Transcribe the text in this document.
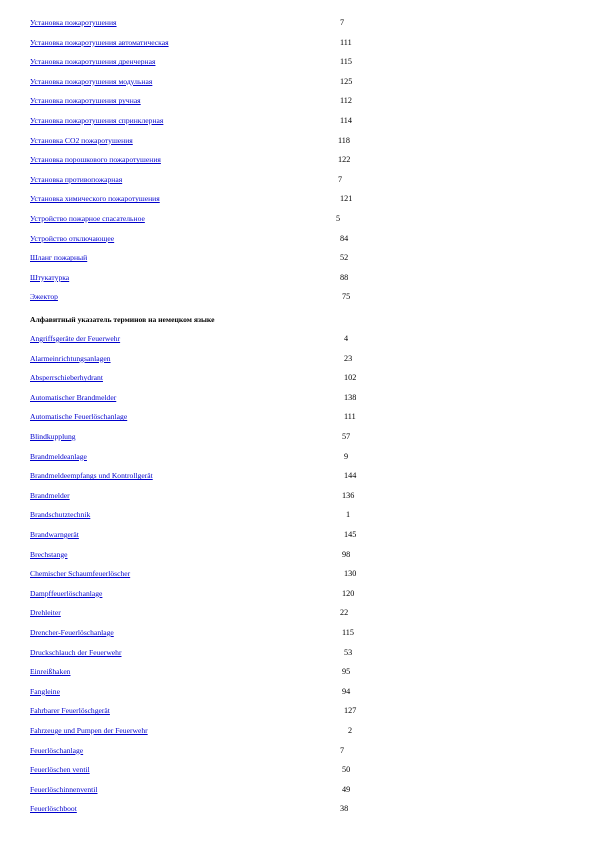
Установка пожаротушения	7
Установка пожаротушения автоматическая	111
Установка пожаротушения дренчерная	115
Установка пожаротушения модульная	125
Установка пожаротушения ручная	112
Установка пожаротушения спринклерная	114
Установка СО2 пожаротушения	118
Установка порошкового пожаротушения	122
Установка противопожарная	7
Установка химического пожаротушения	121
Устройство пожарное спасательное	5
Устройство отключающее	84
Шланг пожарный	52
Штукатурка	88
Эжектор	75
Алфавитный указатель терминов на немецком языке
Angriffsgeräte der Feuerwehr	4
Alarmeinrichtungsanlagen	23
Absperrschieberhydrant	102
Automatischer Brandmelder	138
Automatische Feuerlöschanlage	111
Blindkupplung	57
Brandmeldeanlage	9
Brandmeldeempfangs und Kontrollgerät	144
Brandmelder	136
Brandschutztechnik	1
Brandwarngerät	145
Brechstange	98
Chemischer Schaumfeuerlöscher	130
Dampffeuerlöschanlage	120
Drehleiter	22
Drencher-Feuerlöschanlage	115
Druckschlauch der Feuerwehr	53
Einreißhaken	95
Fangleine	94
Fahrbarer Feuerlöschgerät	127
Fahrzeuge und Pumpen der Feuerwehr	2
Feuerlöschanlage	7
Feuerlöschen ventil	50
Feuerlöschinnenventil	49
Feuerlöschboot	38
